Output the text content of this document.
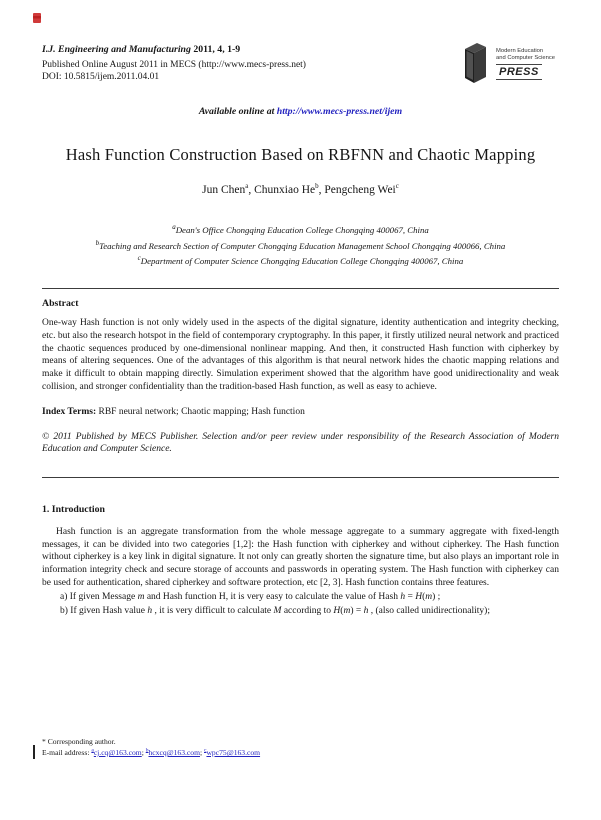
I.J. Engineering and Manufacturing 2011, 4, 1-9
Published Online August 2011 in MECS (http://www.mecs-press.net)
DOI: 10.5815/ijem.2011.04.01
Modern Education
and Computer Science
PRESS
Available online at http://www.mecs-press.net/ijem
Hash Function Construction Based on RBFNN and Chaotic Mapping
Jun Chen$^a$, Chunxiao He$^b$, Pengcheng Wei$^c$
$^a$Dean's Office Chongqing Education College Chongqing 400067, China
$^b$Teaching and Research Section of Computer Chongqing Education Management School Chongqing 400066, China
$^c$Department of Computer Science Chongqing Education College Chongqing 400067, China
Abstract
One-way Hash function is not only widely used in the aspects of the digital signature, identity authentication and integrity checking, etc. but also the research hotspot in the field of contemporary cryptography. In this paper, it firstly utilized neural network and practiced the chaotic sequences produced by one-dimensional nonlinear mapping. And then, it constructed Hash function with cipherkey by means of altering sequences. One of the advantages of this algorithm is that neural network hides the chaotic mapping relations and make it difficult to obtain mapping directly. Simulation experiment showed that the algorithm have good unidirectionality and weak collision, and stronger confidentiality than the tradition-based Hash function, as well as easy to achieve.
Index Terms: RBF neural network; Chaotic mapping; Hash function
© 2011 Published by MECS Publisher. Selection and/or peer review under responsibility of the Research Association of Modern Education and Computer Science.
1. Introduction
Hash function is an aggregate transformation from the whole message aggregate to a summary aggregate with fixed-length messages, it can be divided into two categories [1,2]: the Hash function with cipherkey and without cipherkey. The Hash function without cipherkey is a key link in digital signature. It not only can greatly shorten the signature time, but also plays an important role in information integrity check and secure storage of accounts and passwords in operating system. The Hash function with cipherkey can be used for authentication, shared cipherkey and software protection, etc [2, 3]. Hash function contains three features.
a) If given Message m and Hash function H, it is very easy to calculate the value of Hash h = H(m) ;
b) If given Hash value h , it is very difficult to calculate M according to H(m) = h , (also called unidirectionality);
* Corresponding author.
E-mail address: $^a$cj.cq@163.com; $^b$hcxcq@163.com; $^c$wpc75@163.com
